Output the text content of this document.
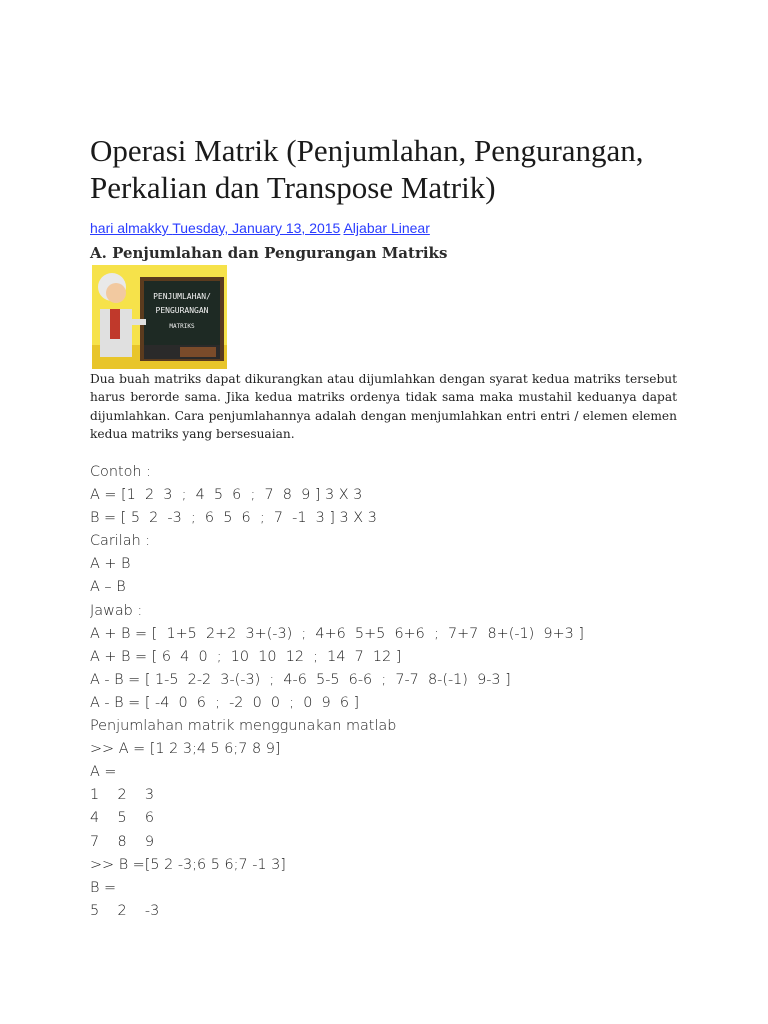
Operasi Matrik (Penjumlahan, Pengurangan, Perkalian dan Transpose Matrik)
hari almakky Tuesday, January 13, 2015 Aljabar Linear
A. Penjumlahan dan Pengurangan Matriks
PENJUMLAHAN/
PENGURANGAN
MATRIKS

Dua buah matriks dapat dikurangkan atau dijumlahkan dengan syarat kedua matriks tersebut harus berorde sama. Jika kedua matriks ordenya tidak sama maka mustahil keduanya dapat dijumlahkan. Cara penjumlahannya adalah dengan menjumlahkan entri entri / elemen elemen kedua matriks yang bersesuaian.

Contoh :
A = [1  2  3  ;  4  5  6  ;  7  8  9 ] 3 X 3
B = [ 5  2  -3  ;  6  5  6  ;  7  -1  3 ] 3 X 3
Carilah :
A + B
A – B
Jawab :
A + B = [  1+5  2+2  3+(-3)  ;  4+6  5+5  6+6  ;  7+7  8+(-1)  9+3 ]
A + B = [ 6  4  0  ;  10  10  12  ;  14  7  12 ]
A - B = [ 1-5  2-2  3-(-3)  ;  4-6  5-5  6-6  ;  7-7  8-(-1)  9-3 ]
A - B = [ -4  0  6  ;  -2  0  0  ;  0  9  6 ]
Penjumlahan matrik menggunakan matlab
>> A = [1 2 3;4 5 6;7 8 9]
A =
1    2    3
4    5    6
7    8    9
>> B =[5 2 -3;6 5 6;7 -1 3]
B =
5    2    -3
